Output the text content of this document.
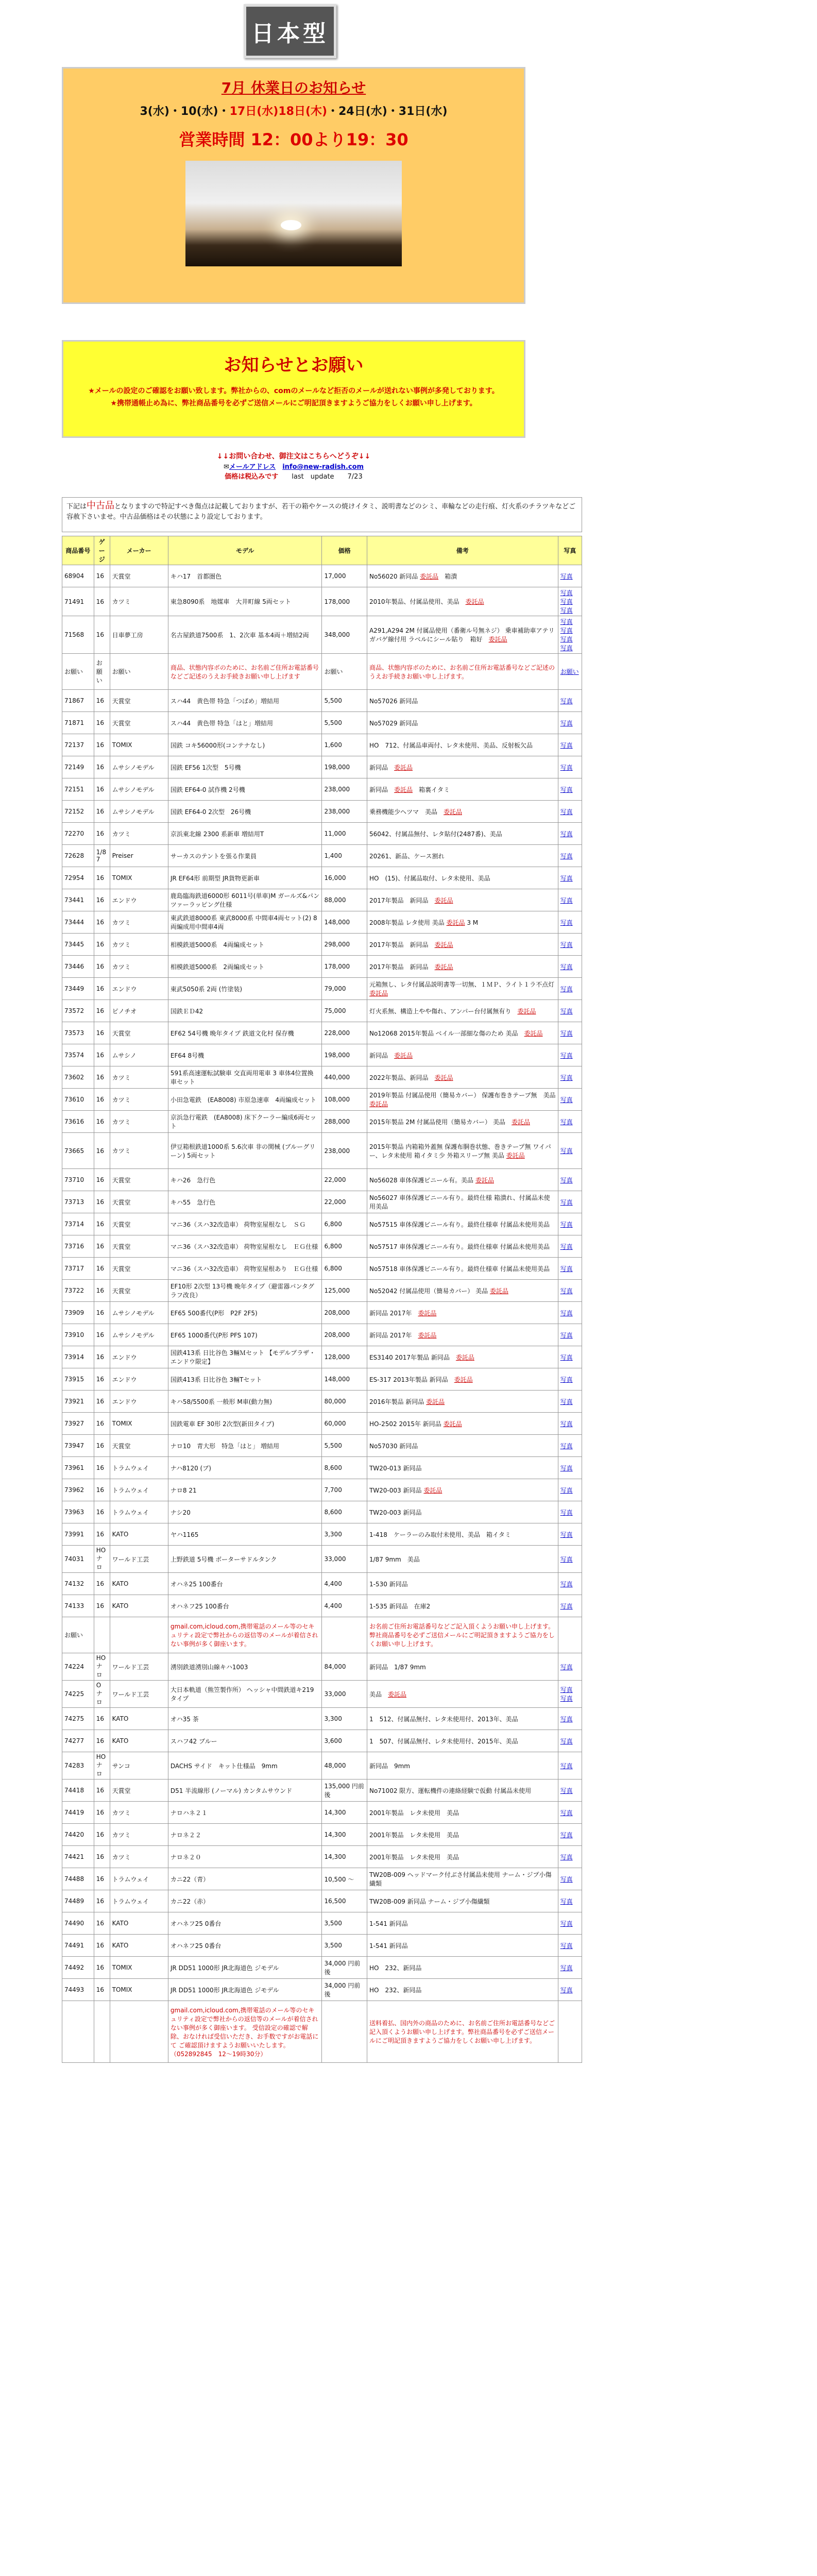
日本型
7月 休業日のお知らせ
3(水)・10(水)・17日(水)18日(木)・24日(水)・31日(水)
営業時間 12：00より19：30
お知らせとお願い

★メールの設定のご確認をお願い致します。弊社からの、comのメールなど拒否のメールが送れない事例が多発しております。

★携帯通帳止め為に、弊社商品番号を必ずご送信メールにご明記頂きますようご協力をしくお願い申し上げます。

↓↓お問い合わせ、御注文はこちらへどうぞ↓↓
✉メールアドレス　 info@new-radish.com
価格は税込みです　　 last　update　　7/23
下記は中古品となりますので特記すべき傷点は記載しておりますが、若干の箱やケースの焼けイタミ、説明書などのシミ、車輪などの走行痕、灯火系のチラツキなどご容赦下さいませ。中古品価格はその状態により設定しております。
商品番号	ゲージ	メーカー	モデル	価格	備考	写真
68904	16	天賞堂	キハ17　首都圏色	17,000	No56020 新同品 委託品　箱潰	写真

71491	16	カツミ	東急8090系　地媒車　大井町線 5両セット	178,000	2010年製品、付属品使用、美品　委託品	写真
写真
写真

71568	16	日車夢工房	名古屋鉄道7500系　1、2次車 基本4両＋増結2両	348,000	A291,A294 2M 付属品使用（番衛ル号無ネジ） 乗車補助車アテリガバゲ線付用 ラベルにシール貼り　箱好　委託品	写真
写真
写真
写真

お願い	お願い	お願い	商品、状態内容ボのために、お名前ご住所お電話番号などご記述のうえお手続きお願い申し上げます	お願い	商品、状態内容ボのために、お名前ご住所お電話番号などご記述のうえお手続きお願い申し上げます。	お願い

71867	16	天賞堂	スハ44　黄色帯 特急「つばめ」増結用	5,500	No57026 新同品	写真

71871	16	天賞堂	スハ44　黄色帯 特急「はと」増結用	5,500	No57029 新同品	写真

72137	16	TOMIX	国鉄 コキ56000形(コンテナなし)	1,600	HO　712、付属品車両付、レタ未使用、美品、反射板欠品	写真

72149	16	ムサシノモデル	国鉄 EF56 1次型　5号機	198,000	新同品　委託品	写真

72151	16	ムサシノモデル	国鉄 EF64-0 試作機 2号機	238,000	新同品　委託品　箱裏イタミ	写真

72152	16	ムサシノモデル	国鉄 EF64-0 2次型　26号機	238,000	乗務機能少ヘツマ　美品　委託品	写真

72270	16	カツミ	京浜東北線 2300 系新車 増結用T	11,000	56042、付属品無付、レタ貼付(2487番)、美品	写真

72628	1/87	Preiser	サーカスのテントを張る作業員	1,400	20261、新品、ケース割れ	写真

72954	16	TOMIX	JR EF64形 前期型 JR貨物更新車	16,000	HO　(15)、付属品取付、レタ未使用、美品	写真

73441	16	エンドウ	鹿島臨海鉄道6000形 6011号(単車)M ガールズ&パンツァーラッピング仕様	88,000	2017年製品　新同品　委託品	写真

73444	16	カツミ	東武鉄道8000系 東武8000系 中間車4両セット(2) 8両編成用中間車4両	148,000	2008年製品 レタ使用 美品 委託品 3 M	写真

73445	16	カツミ	相模鉄道5000系　4両編成セット	298,000	2017年製品　新同品　委託品	写真

73446	16	カツミ	相模鉄道5000系　2両編成セット	178,000	2017年製品　新同品　委託品	写真

73449	16	エンドウ	東武5050系 2両 (竹塗装)	79,000	元箱無し、レタ付属品説明書等一切無、１ＭＰ、ライト１ラ不点灯　委託品	写真

73572	16	ピノチオ	国鉄ＥＤ42	75,000	灯火系無、構造上やや傷れ、アンパー台付属無有り　委託品	写真

73573	16	天賞堂	EF62 54号機 晩年タイプ 鉄道文化村 保存機	228,000	No12068 2015年製品 ベイル一部細な傷のため 美品　委託品	写真

73574	16	ムサシノ	EF64 8号機	198,000	新同品　委託品	写真

73602	16	カツミ	591系高速運転試験車 交直両用電車 3 車体4位置換車セット	440,000	2022年製品、新同品　委託品	写真

73610	16	カツミ	小田急電鉄　(EA8008) 市原急速車　4両編成セット	108,000	2019年製品 付属品使用（簡易カバー） 保護布巻きテープ無　美品 委託品	写真

73616	16	カツミ	京浜急行電鉄　(EA8008) 床下クーラー編成6両セット	288,000	2015年製品 2M 付属品使用（簡易カバー） 美品　委託品	写真

73665	16	カツミ	伊豆箱根鉄道1000系 5.6次車 非の関械 (ブルーグリーン) 5両セット	238,000	2015年製品 内箱箱外蓋無 保護布胴巻状態、巻きテープ無 ワイパー、レタ未使用 箱イタミ少 外箱スリーブ無 美品 委託品	写真

73710	16	天賞堂	キハ26　急行色	22,000	No56028 車体保護ビニール有。美品 委託品	写真

73713	16	天賞堂	キハ55　急行色	22,000	No56027 車体保護ビニール有り。最終仕様 箱潰れ、付属品未使用美品	写真

73714	16	天賞堂	マニ36（スハ32改造車） 荷物室屋根なし　ＳＧ	6,800	No57515 車体保護ビニール有り。最終仕様車 付属品未使用美品	写真

73716	16	天賞堂	マニ36（スハ32改造車） 荷物室屋根なし　ＥＧ仕様	6,800	No57517 車体保護ビニール有り。最終仕様車 付属品未使用美品	写真

73717	16	天賞堂	マニ36（スハ32改造車） 荷物室屋根あり　ＥＧ仕様	6,800	No57518 車体保護ビニール有り。最終仕様車 付属品未使用美品	写真

73722	16	天賞堂	EF10形 2次型 13号機 晩年タイプ（避雷器パンタグラフ改良）	125,000	No52042 付属品使用（簡易カバー） 美品 委託品	写真

73909	16	ムサシノモデル	EF65 500番代(P形　P2F 2F5)	208,000	新同品 2017年　委託品	写真

73910	16	ムサシノモデル	EF65 1000番代(P形 PFS 107)	208,000	新同品 2017年　委託品	写真

73914	16	エンドウ	国鉄413系 日比谷色 3輛Ｍセット 【モデルプラザ・エンドウ限定】	128,000	ES3140 2017年製品 新同品　委託品	写真

73915	16	エンドウ	国鉄413系 日比谷色 3輛Tセット	148,000	ES-317 2013年製品 新同品　委託品	写真

73921	16	エンドウ	キハ58/5500系 一般形 M車(動力無)	80,000	2016年製品 新同品 委託品	写真

73927	16	TOMIX	国鉄電車 EF 30形 2次型(新田タイプ)	60,000	HO-2502 2015年 新同品 委託品	写真

73947	16	天賞堂	ナロ10　青大形　特急「はと」 増結用	5,500	No57030 新同品	写真

73961	16	トラムウェイ	ナハ8120 (ブ)	8,600	TW20-013 新同品	写真

73962	16	トラムウェイ	ナロ8 21	7,700	TW20-003 新同品 委託品	写真

73963	16	トラムウェイ	ナシ20	8,600	TW20-003 新同品	写真

73991	16	KATO	ヤハ1165	3,300	1-418　ケーラーのみ取付未使用、美品　箱イタミ	写真

74031	HO ナロ	ワールド工芸	上野鉄道 5号機 ボーターサドルタンク	33,000	1/87 9mm　美品	写真

74132	16	KATO	オハネ25 100番台	4,400	1-530 新同品	写真

74133	16	KATO	オハネフ25 100番台	4,400	1-535 新同品　在庫2	写真

お願い			gmail.com,icloud.com,携帯電話のメール等のセキュリティ設定で弊社からの返信等のメールが着信されない事例が多く御座います。		お名前ご住所お電話番号などご記入頂くようお願い申し上げます。弊社商品番号を必ずご送信メールにご明記頂きますようご協力をしくお願い申し上げます。	
74224	HO ナロ	ワールド工芸	湧別鉄道湧別山線キハ1003	84,000	新同品　1/87 9mm	写真

74225	O ナロ	ワールド工芸	大日本軌道（熊笠製作所） ヘッシャ中間鉄道キ219タイプ	33,000	美品　委託品	写真
写真

74275	16	KATO	オハ35 茶	3,300	1　512、付属品無付、レタ未使用付、2013年、美品	写真

74277	16	KATO	スハフ42 ブルー	3,600	1　507、付属品無付、レタ未使用付、2015年、美品	写真

74283	HO ナロ	サンコ	DACHS サイド　キット仕様品　9mm	48,000	新同品　9mm	写真

74418	16	天賞堂	D51 半流線形 (ノーマル) カンタムサウンド	135,000 円前後	No71002 限方、運転機件の連絡経験で仮動 付属品未使用	写真

74419	16	カツミ	ナロハネ２１	14,300	2001年製品　レタ未使用　美品	写真

74420	16	カツミ	ナロネ２２	14,300	2001年製品　レタ未使用　美品	写真

74421	16	カツミ	ナロネ２０	14,300	2001年製品　レタ未使用　美品	写真

74488	16	トラムウェイ	カニ22（青）	10,500 ～	TW20B-009 ヘッドマーク付ぶさ付属品未使用 ナーム・ジプ小傷繊類	写真

74489	16	トラムウェイ	カニ22（赤）	16,500	TW20B-009 新同品 ナーム・ジプ小傷繊類	写真

74490	16	KATO	オハネフ25 0番台	3,500	1-541 新同品	写真

74491	16	KATO	オハネフ25 0番台	3,500	1-541 新同品	写真

74492	16	TOMIX	JR DD51 1000形 JR北海道色 ジモデル	34,000 円前後	HO　232、新同品	写真

74493	16	TOMIX	JR DD51 1000形 JR北海道色 ジモデル	34,000 円前後	HO　232、新同品	写真

			gmail.com,icloud.com,携帯電話のメール等のセキュリティ設定で弊社からの返信等のメールが着信されない事例が多く御座います。 受信設定の確認で解除、おなければ受信いただき、お手数ですがお電話にて ご確認頂けますようお願いいたします。 （052892845　12～19時30分）		送料着払、国内外の商品のために、お名前ご住所お電話番号などご記入頂くようお願い申し上げます。弊社商品番号を必ずご送信メールにご明記頂きますようご協力をしくお願い申し上げます。	
